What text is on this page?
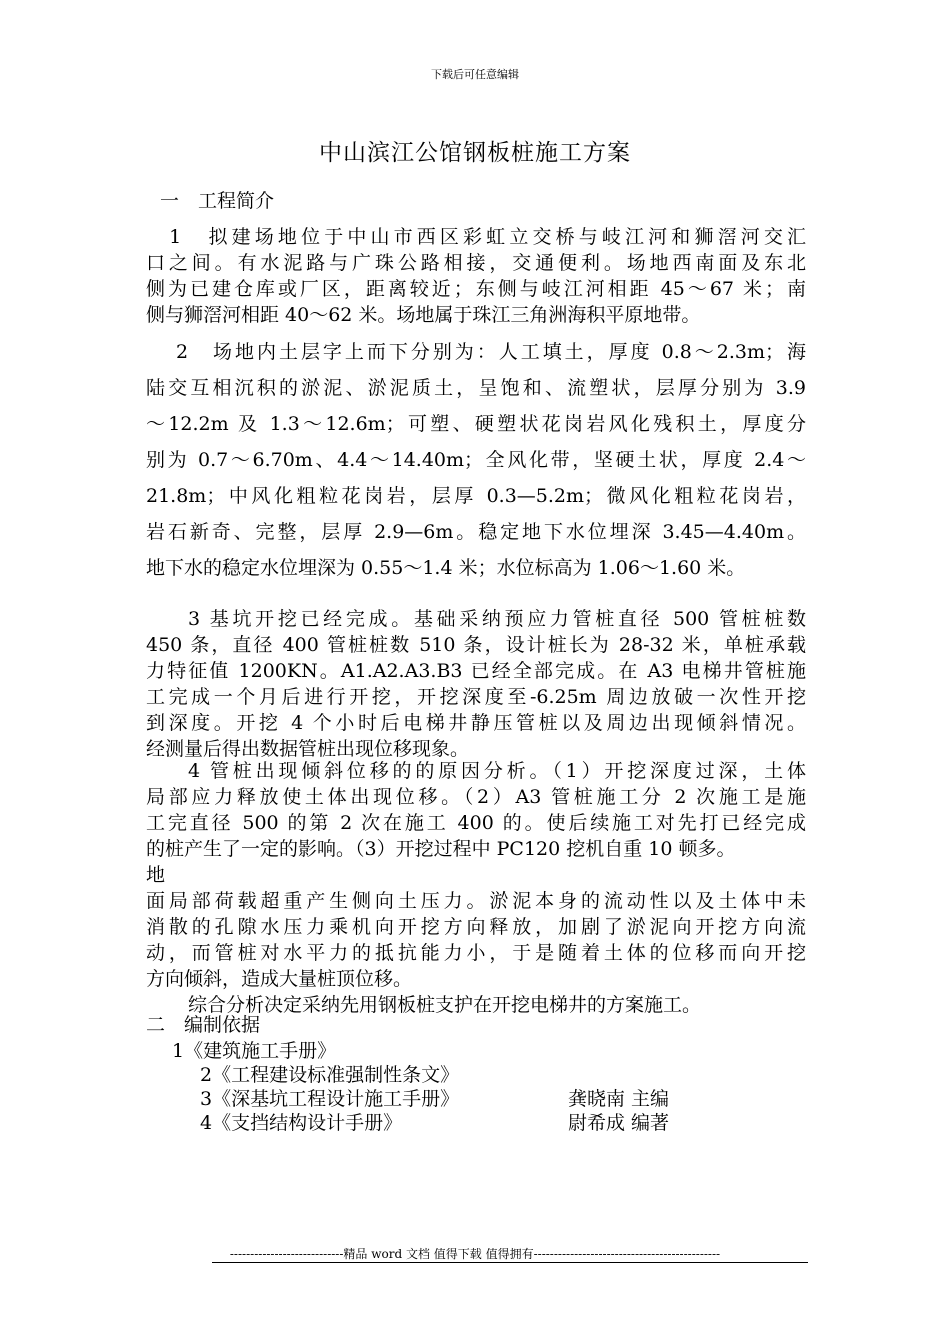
下载后可任意编辑
中山滨江公馆钢板桩施工方案
一　工程简介
　1　拟建场地位于中山市西区彩虹立交桥与岐江河和狮滘河交汇
口之间。有水泥路与广珠公路相接，交通便利。场地西南面及东北
侧为已建仓库或厂区，距离较近；东侧与岐江河相距 45～67 米；南
侧与狮滘河相距 40～62 米。场地属于珠江三角洲海积平原地带。
2　场地内土层字上而下分别为：人工填土，厚度 0.8～2.3m；海
陆交互相沉积的淤泥、淤泥质土，呈饱和、流塑状，层厚分别为 3.9
～12.2m 及 1.3～12.6m；可塑、硬塑状花岗岩风化残积土，厚度分
别为 0.7～6.70m、4.4～14.40m；全风化带，坚硬土状，厚度 2.4～
21.8m；中风化粗粒花岗岩，层厚 0.3—5.2m；微风化粗粒花岗岩，
岩石新奇、完整，层厚 2.9—6m。稳定地下水位埋深 3.45—4.40m。
地下水的稳定水位埋深为 0.55～1.4 米；水位标高为 1.06～1.60 米。
3 基坑开挖已经完成。基础采纳预应力管桩直径 500 管桩桩数
450 条，直径 400 管桩桩数 510 条，设计桩长为 28-32 米，单桩承载
力特征值 1200KN。A1.A2.A3.B3 已经全部完成。在 A3 电梯井管桩施
工完成一个月后进行开挖，开挖深度至-6.25m 周边放破一次性开挖
到深度。开挖 4 个小时后电梯井静压管桩以及周边出现倾斜情况。
经测量后得出数据管桩出现位移现象。
4 管桩出现倾斜位移的的原因分析。（1）开挖深度过深，土体
局部应力释放使土体出现位移。（2）A3 管桩施工分 2 次施工是施
工完直径 500 的第 2 次在施工 400 的。使后续施工对先打已经完成
的桩产生了一定的影响。（3）开挖过程中 PC120 挖机自重 10 顿多。
地
面局部荷载超重产生侧向土压力。淤泥本身的流动性以及土体中未
消散的孔隙水压力乘机向开挖方向释放，加剧了淤泥向开挖方向流
动，而管桩对水平力的抵抗能力小，于是随着土体的位移而向开挖
方向倾斜，造成大量桩顶位移。
综合分析决定采纳先用钢板桩支护在开挖电梯井的方案施工。
二　编制依据
1《建筑施工手册》
2《工程建设标准强制性条文》
3《深基坑工程设计施工手册》	龚晓南 主编
4《支挡结构设计手册》	尉希成 编著
----------------------------精品 word 文档 值得下载 值得拥有----------------------------------------------
